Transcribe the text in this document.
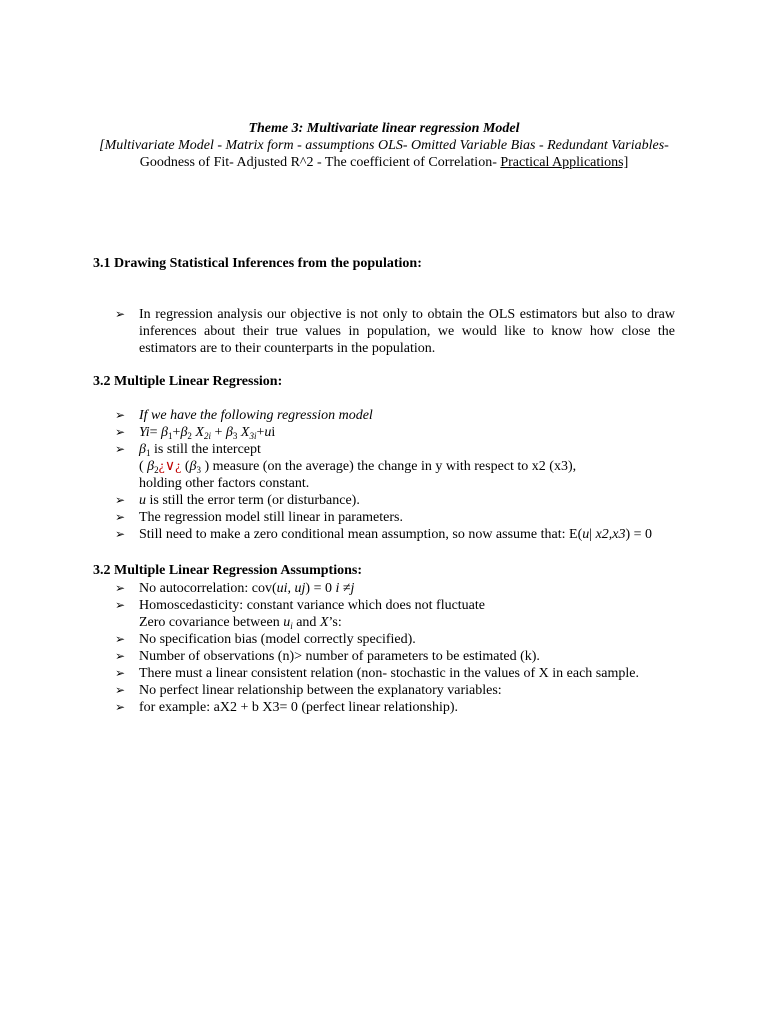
Theme 3: Multivariate linear regression Model
[Multivariate Model - Matrix form - assumptions OLS- Omitted Variable Bias - Redundant Variables- Goodness of Fit- Adjusted R^2 - The coefficient of Correlation- Practical Applications]
3.1 Drawing Statistical Inferences from the population:
➢ In regression analysis our objective is not only to obtain the OLS estimators but also to draw inferences about their true values in population, we would like to know how close the estimators are to their counterparts in the population.
3.2 Multiple Linear Regression:
➢ If we have the following regression model
➢ $Yi= \beta_1+\beta_2$ $X_{2i} + \beta_3$ $X_{3i}+ui$
➢ $\beta_1$ is still the intercept
( $\beta_2¿\vee¿$ ($\beta_3$ ) measure (on the average) the change in y with respect to x2 (x3),
holding other factors constant.
➢ u is still the error term (or disturbance).
➢ The regression model still linear in parameters.
➢ Still need to make a zero conditional mean assumption, so now assume that: E(u| x2,x3) = 0
3.2 Multiple Linear Regression Assumptions:
➢ No autocorrelation: cov(ui, uj) = 0 i ≠j
➢ Homoscedasticity: constant variance which does not fluctuate
Zero covariance between $u_i$ and X’s:
➢ No specification bias (model correctly specified).
➢ Number of observations (n)> number of parameters to be estimated (k).
➢ There must a linear consistent relation (non- stochastic in the values of X in each sample.
➢ No perfect linear relationship between the explanatory variables:
➢ for example: aX2 + b X3= 0 (perfect linear relationship).
